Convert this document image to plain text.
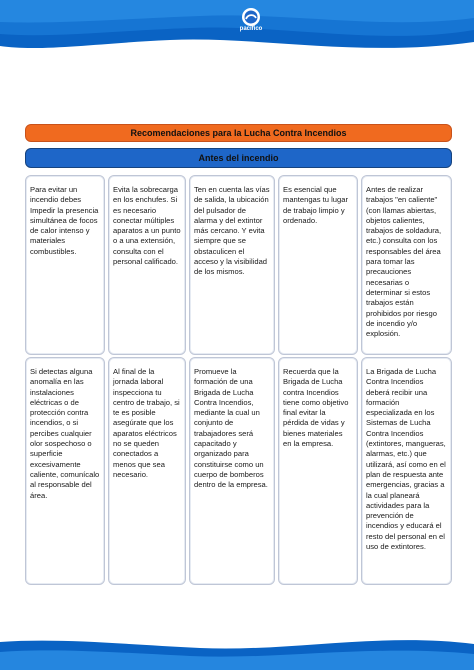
pacifico
Recomendaciones para la Lucha Contra Incendios
Antes del incendio
Para evitar un incendio debes Impedir la presencia simultánea de focos de calor intenso y materiales combustibles.
Evita la sobrecarga en los enchufes. Si es necesario conectar múltiples aparatos a un punto o a una extensión, consulta con el personal calificado.
Ten en cuenta las vías de salida, la ubicación del pulsador de alarma y del extintor más cercano. Y evita siempre que se obstaculicen el acceso y la visibilidad de los mismos.
Es esencial que mantengas tu lugar de trabajo limpio y ordenado.
Antes de realizar trabajos "en caliente" (con llamas abiertas, objetos calientes, trabajos de soldadura, etc.) consulta con los responsables del área para tomar las precauciones necesarias o determinar si estos trabajos están prohibidos por riesgo de incendio y/o explosión.
Si detectas alguna anomalía en las instalaciones eléctricas o de protección contra incendios, o si percibes cualquier olor sospechoso o superficie excesivamente caliente, comunícalo al responsable del área.
Al final de la jornada laboral inspecciona tu centro de trabajo, si te es posible asegúrate que los aparatos eléctricos no se queden conectados a menos que sea necesario.
Promueve la formación de una Brigada de Lucha Contra Incendios, mediante la cual un conjunto de trabajadores será capacitado y organizado para constituirse como un cuerpo de bomberos dentro de la empresa.
Recuerda que la Brigada de Lucha contra Incendios tiene como objetivo final evitar la pérdida de vidas y bienes materiales en la empresa.
La Brigada de Lucha Contra Incendios deberá recibir una formación especializada en los Sistemas de Lucha Contra Incendios (extintores, mangueras, alarmas, etc.) que utilizará, así como en el plan de respuesta ante emergencias, gracias a la cual planeará actividades para la prevención de incendios y educará el resto del personal en el uso de extintores.
